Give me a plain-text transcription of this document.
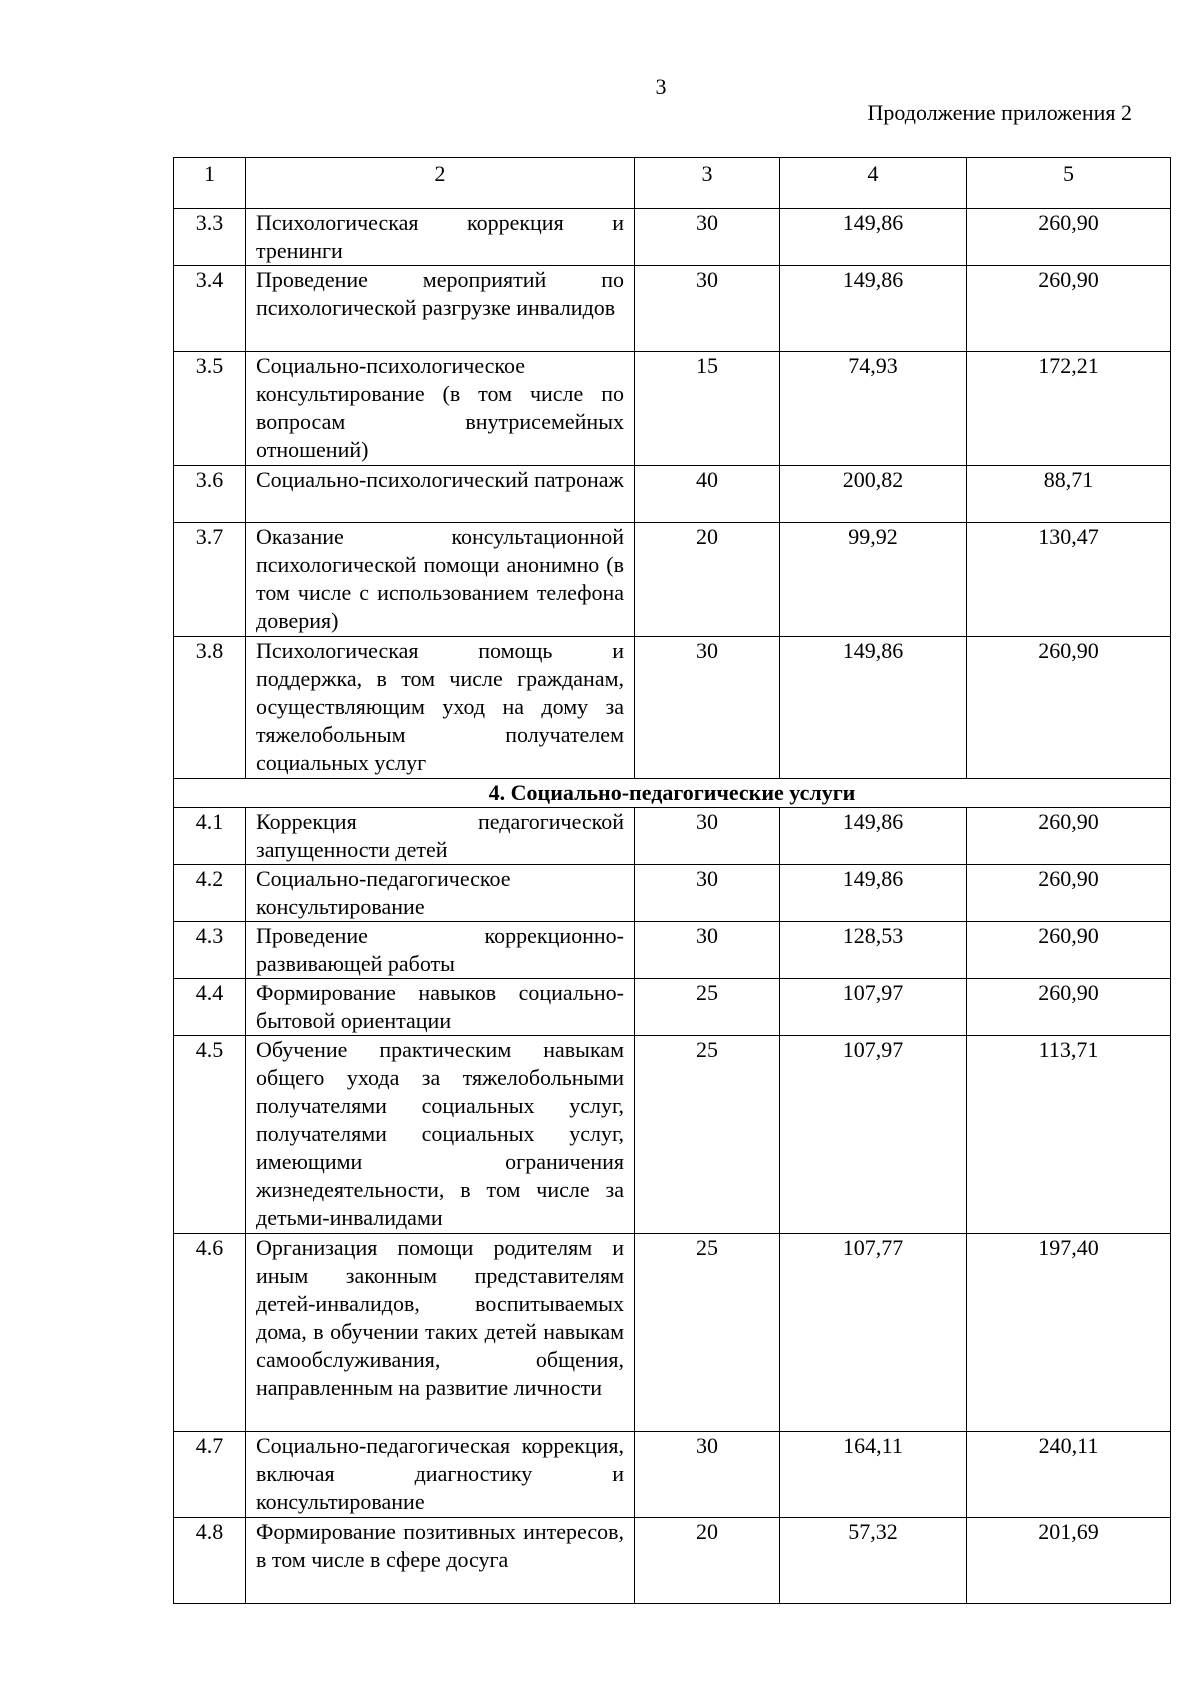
3
Продолжение приложения 2
1	2	3	4	5
3.3	Психологическая коррекция и тренинги	30	149,86	260,90
3.4	Проведение мероприятий по психологической разгрузке инвалидов	30	149,86	260,90
3.5	Социально-психологическое консультирование (в том числе по вопросам внутрисемейных отношений)	15	74,93	172,21
3.6	Социально-психологический патронаж	40	200,82	88,71
3.7	Оказание консультационной психологической помощи анонимно (в том числе с использованием телефона доверия)	20	99,92	130,47
3.8	Психологическая помощь и поддержка, в том числе гражданам, осуществляющим уход на дому за тяжелобольным получателем социальных услуг	30	149,86	260,90
4. Социально-педагогические услуги				
4.1	Коррекция педагогической запущенности детей	30	149,86	260,90
4.2	Социально-педагогическое консультирование	30	149,86	260,90
4.3	Проведение коррекционно-развивающей работы	30	128,53	260,90
4.4	Формирование навыков социально-бытовой ориентации	25	107,97	260,90
4.5	Обучение практическим навыкам общего ухода за тяжелобольными получателями социальных услуг, получателями социальных услуг, имеющими ограничения жизнедеятельности, в том числе за детьми-инвалидами	25	107,97	113,71
4.6	Организация помощи родителям и иным законным представителям детей-инвалидов, воспитываемых дома, в обучении таких детей навыкам самообслуживания, общения, направленным на развитие личности	25	107,77	197,40
4.7	Социально-педагогическая коррекция, включая диагностику и консультирование	30	164,11	240,11
4.8	Формирование позитивных интересов, в том числе в сфере досуга	20	57,32	201,69
